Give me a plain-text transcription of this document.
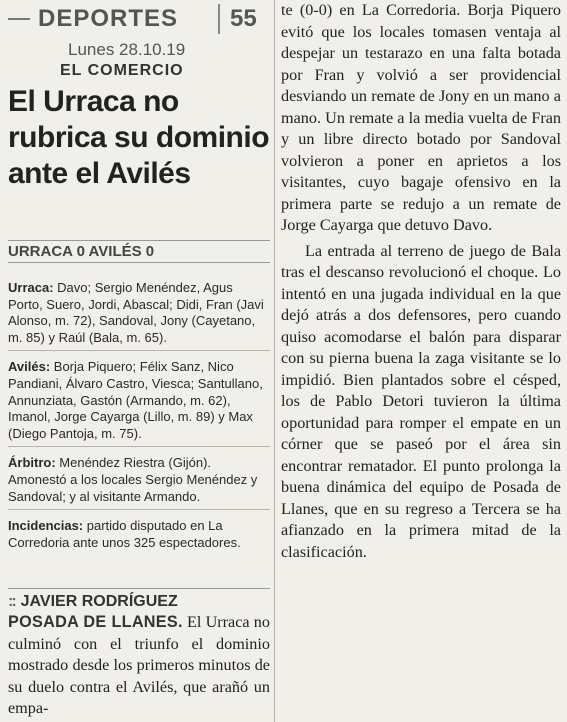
DEPORTES	55
Lunes 28.10.19
EL COMERCIO
El Urraca no
rubrica su dominio
ante el Avilés
URRACA 0 AVILÉS 0
Urraca: Davo; Sergio Menéndez, Agus Porto, Suero, Jordi, Abascal; Didi, Fran (Javi Alonso, m. 72), Sandoval, Jony (Cayetano, m. 85) y Raúl (Bala, m. 65).
Avilés: Borja Piquero; Félix Sanz, Nico Pandiani, Álvaro Castro, Viesca; Santullano, Annunziata, Gastón (Armando, m. 62), Imanol, Jorge Cayarga (Lillo, m. 89) y Max (Diego Pantoja, m. 75).
Árbitro: Menéndez Riestra (Gijón). Amonestó a los locales Sergio Menéndez y Sandoval; y al visitante Armando.
Incidencias: partido disputado en La Corredoria ante unos 325 espectadores.
:: JAVIER RODRÍGUEZ
POSADA DE LLANES. El Urraca no culminó con el triunfo el dominio mostrado desde los primeros minutos de su duelo contra el Avilés, que arañó un empa-

te (0-0) en La Corredoria. Borja Piquero evitó que los locales tomasen ventaja al despejar un testarazo en una falta botada por Fran y volvió a ser providencial desviando un remate de Jony en un mano a mano. Un remate a la media vuelta de Fran y un libre directo botado por Sandoval volvieron a poner en aprietos a los visitantes, cuyo bagaje ofensivo en la primera parte se redujo a un remate de Jorge Cayarga que detuvo Davo.

La entrada al terreno de juego de Bala tras el descanso revolucionó el choque. Lo intentó en una jugada individual en la que dejó atrás a dos defensores, pero cuando quiso acomodarse el balón para disparar con su pierna buena la zaga visitante se lo impidió. Bien plantados sobre el césped, los de Pablo Detori tuvieron la última oportunidad para romper el empate en un córner que se paseó por el área sin encontrar rematador. El punto prolonga la buena dinámica del equipo de Posada de Llanes, que en su regreso a Tercera se ha afianzado en la primera mitad de la clasificación.
